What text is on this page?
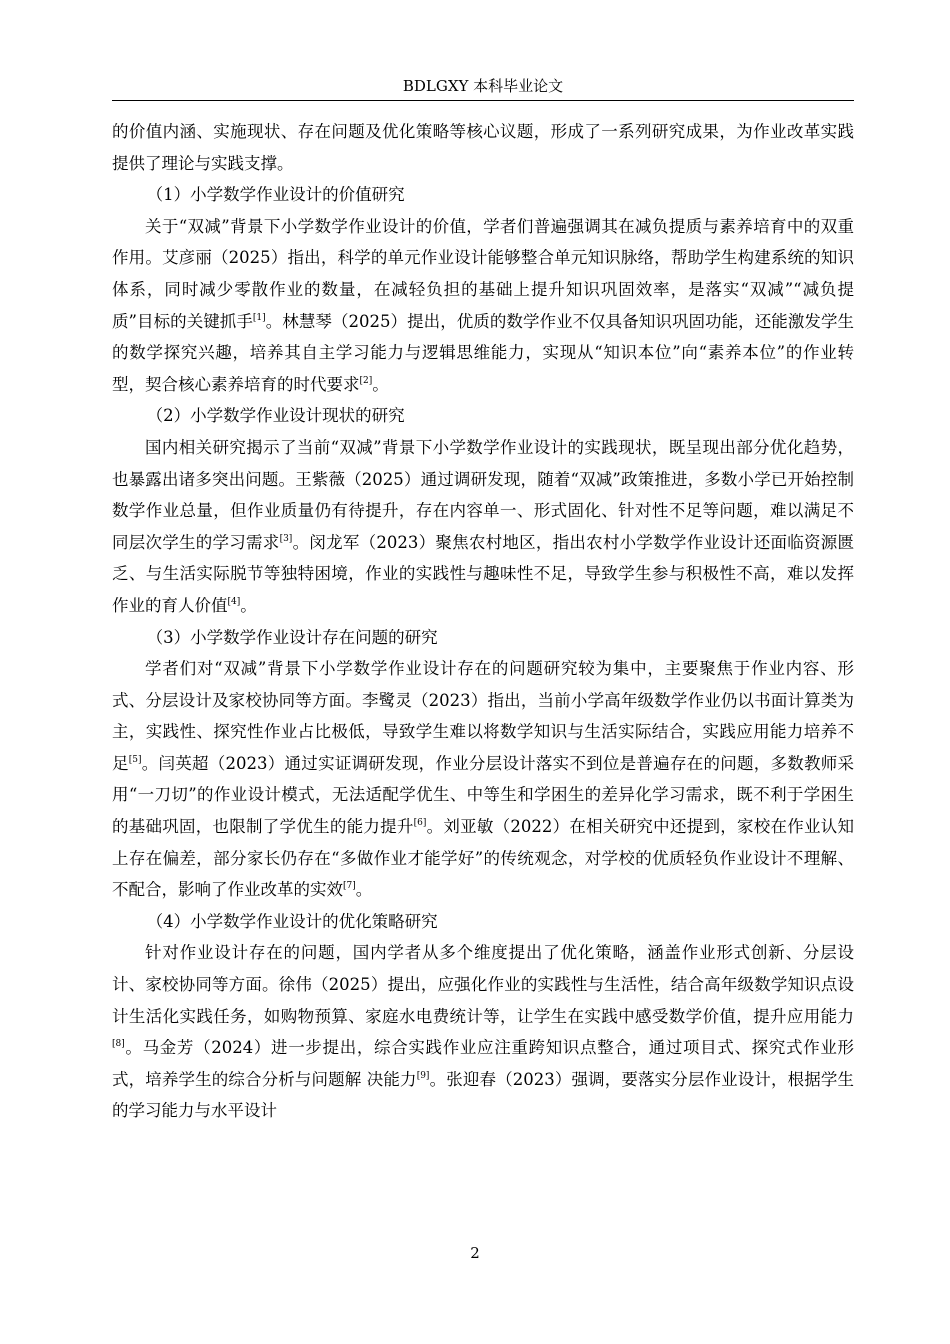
BDLGXY 本科毕业论文

的价值内涵、实施现状、存在问题及优化策略等核心议题，形成了一系列研究成果，为作业改革实践提供了理论与实践支撑。

（1）小学数学作业设计的价值研究

关于“双减”背景下小学数学作业设计的价值，学者们普遍强调其在减负提质与素养培育中的双重作用。艾彦丽（2025）指出，科学的单元作业设计能够整合单元知识脉络，帮助学生构建系统的知识体系，同时减少零散作业的数量，在减轻负担的基础上提升知识巩固效率，是落实“双减”“减负提质”目标的关键抓手[1]。林慧琴（2025）提出，优质的数学作业不仅具备知识巩固功能，还能激发学生的数学探究兴趣，培养其自主学习能力与逻辑思维能力，实现从“知识本位”向“素养本位”的作业转型，契合核心素养培育的时代要求[2]。

（2）小学数学作业设计现状的研究

国内相关研究揭示了当前“双减”背景下小学数学作业设计的实践现状，既呈现出部分优化趋势，也暴露出诸多突出问题。王紫薇（2025）通过调研发现，随着“双减”政策推进，多数小学已开始控制数学作业总量，但作业质量仍有待提升，存在内容单一、形式固化、针对性不足等问题，难以满足不同层次学生的学习需求[3]。闵龙军（2023）聚焦农村地区，指出农村小学数学作业设计还面临资源匮乏、与生活实际脱节等独特困境，作业的实践性与趣味性不足，导致学生参与积极性不高，难以发挥作业的育人价值[4]。

（3）小学数学作业设计存在问题的研究

学者们对“双减”背景下小学数学作业设计存在的问题研究较为集中，主要聚焦于作业内容、形式、分层设计及家校协同等方面。李鹭灵（2023）指出，当前小学高年级数学作业仍以书面计算类为主，实践性、探究性作业占比极低，导致学生难以将数学知识与生活实际结合，实践应用能力培养不足[5]。闫英超（2023）通过实证调研发现，作业分层设计落实不到位是普遍存在的问题，多数教师采用“一刀切”的作业设计模式，无法适配学优生、中等生和学困生的差异化学习需求，既不利于学困生的基础巩固，也限制了学优生的能力提升[6]。刘亚敏（2022）在相关研究中还提到，家校在作业认知上存在偏差，部分家长仍存在“多做作业才能学好”的传统观念，对学校的优质轻负作业设计不理解、不配合，影响了作业改革的实效[7]。

（4）小学数学作业设计的优化策略研究

针对作业设计存在的问题，国内学者从多个维度提出了优化策略，涵盖作业形式创新、分层设计、家校协同等方面。徐伟（2025）提出，应强化作业的实践性与生活性，结合高年级数学知识点设计生活化实践任务，如购物预算、家庭水电费统计等，让学生在实践中感受数学价值，提升应用能力[8]。马金芳（2024）进一步提出，综合实践作业应注重跨知识点整合，通过项目式、探究式作业形式，培养学生的综合分析与问题解 决能力[9]。张迎春（2023）强调，要落实分层作业设计，根据学生的学习能力与水平设计

2
